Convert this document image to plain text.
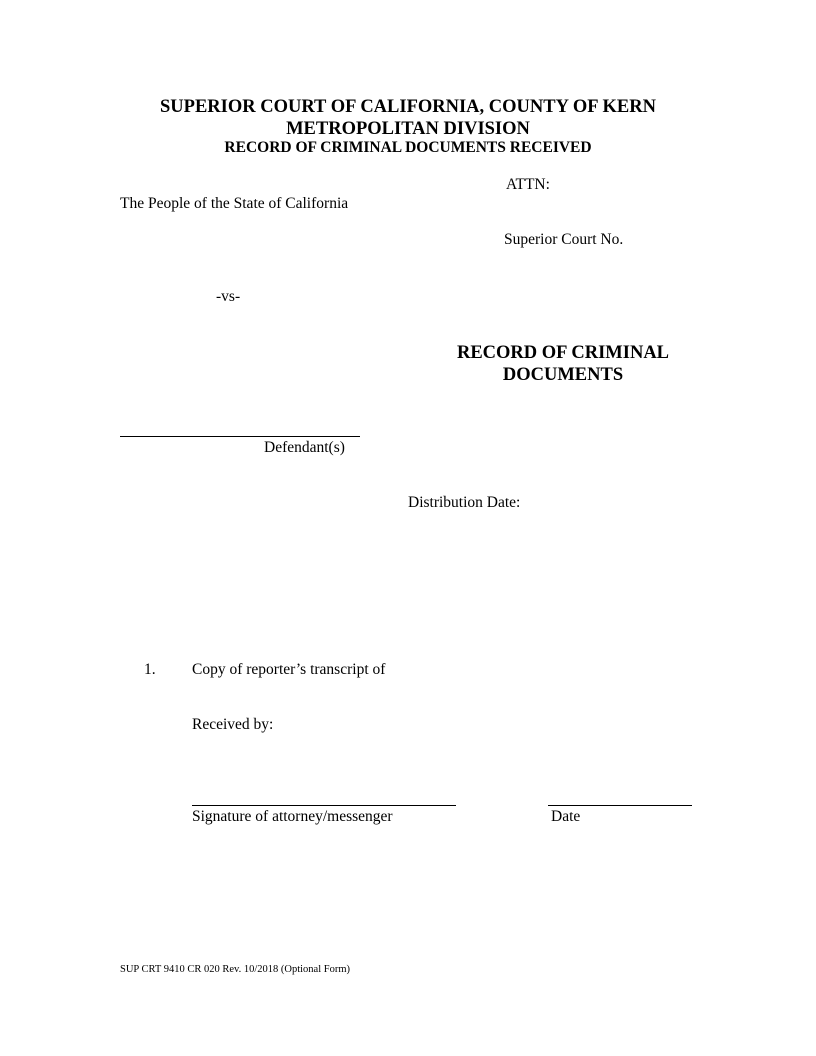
SUPERIOR COURT OF CALIFORNIA, COUNTY OF KERN
METROPOLITAN DIVISION
RECORD OF CRIMINAL DOCUMENTS RECEIVED
ATTN:
The People of the State of California
Superior Court No.
-vs-
RECORD OF CRIMINAL
DOCUMENTS
Defendant(s)
Distribution Date:
1. Copy of reporter’s transcript of
Received by:
Signature of attorney/messenger	Date
SUP CRT 9410 CR 020 Rev. 10/2018 (Optional Form)
